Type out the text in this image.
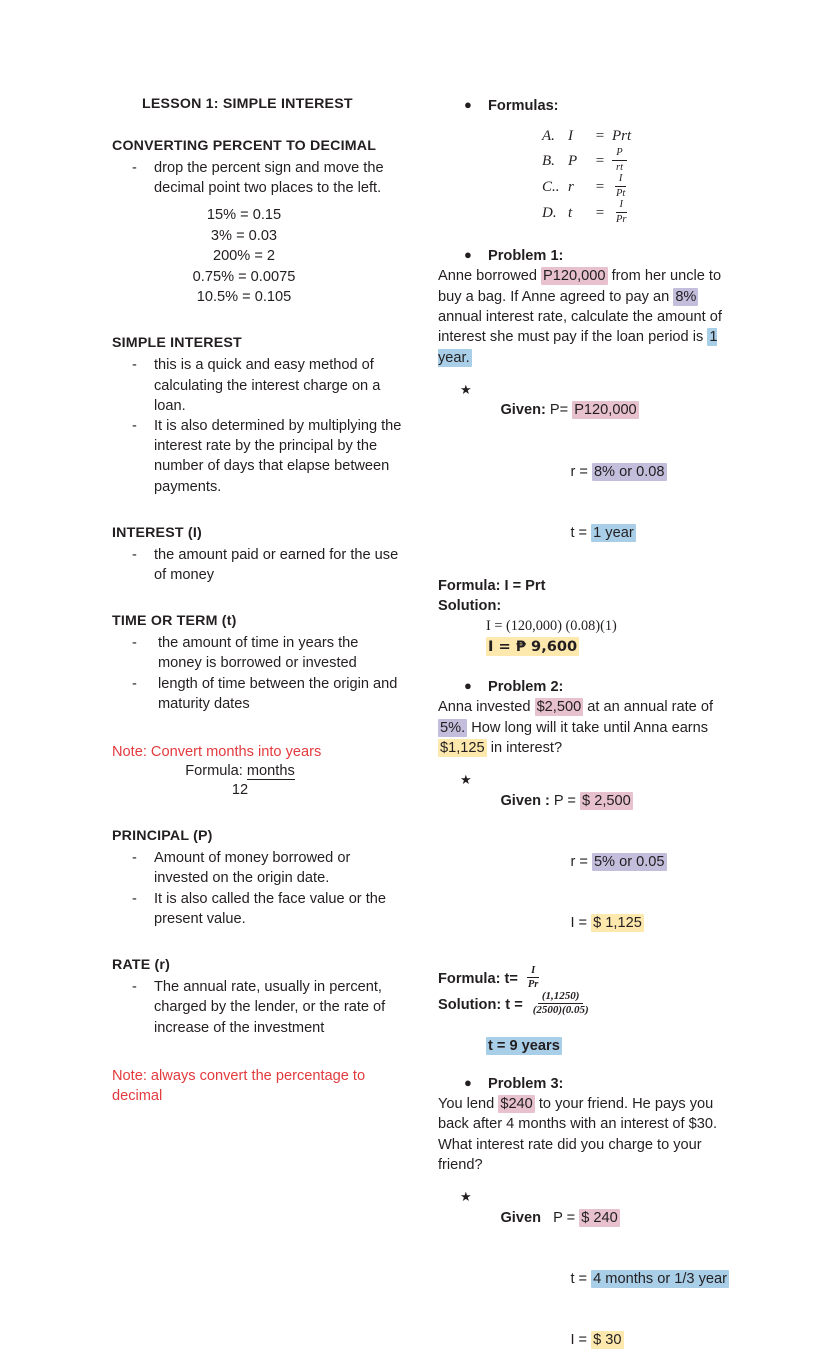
LESSON 1: SIMPLE INTEREST
CONVERTING PERCENT TO DECIMAL
- drop the percent sign and move the decimal point two places to the left.
15% = 0.15
3% = 0.03
200% = 2
0.75% = 0.0075
10.5% = 0.105
SIMPLE INTEREST
- this is a quick and easy method of calculating the interest charge on a loan.
- It is also determined by multiplying the interest rate by the principal by the number of days that elapse between payments.
INTEREST (I)
- the amount paid or earned for the use of money
TIME OR TERM (t)
- the amount of time in years the money is borrowed or invested
- length of time between the origin and maturity dates
Note: Convert months into years
Formula: months
12
PRINCIPAL (P)
- Amount of money borrowed or invested on the origin date.
- It is also called the face value or the present value.
RATE (r)
- The annual rate, usually in percent, charged by the lender, or the rate of increase of the investment
Note: always convert the percentage to decimal
● Formulas:
A. I	= Prt
B. P	= $\frac{P}{rt}$
C.. r	= $\frac{I}{Pt}$
D. t	= $\frac{I}{Pr}$
● Problem 1:

Anne borrowed P120,000 from her uncle to buy a bag. If Anne agreed to pay an 8% annual interest rate, calculate the amount of interest she must pay if the loan period is 1 year.

★

Given: P= P120,000

r = 8% or 0.08

t = 1 year

Formula: I = Prt
Solution:
I = (120,000) (0.08)(1)
I = ₱ 9,600
● Problem 2:

Anna invested $2,500 at an annual rate of 5%. How long will it take until Anna earns $1,125 in interest?

★

Given : P = $ 2,500

r = 5% or 0.05

I = $ 1,125

Formula: $t= \frac{I}{Pr}$
Solution: $t = \frac{(1,1250)}{(2500)(0.05)}$
t = 9 years
● Problem 3:

You lend $240 to your friend. He pays you back after 4 months with an interest of $30. What interest rate did you charge to your friend?

★

Given P = $ 240

t = 4 months or 1/3 year

I = $ 30
